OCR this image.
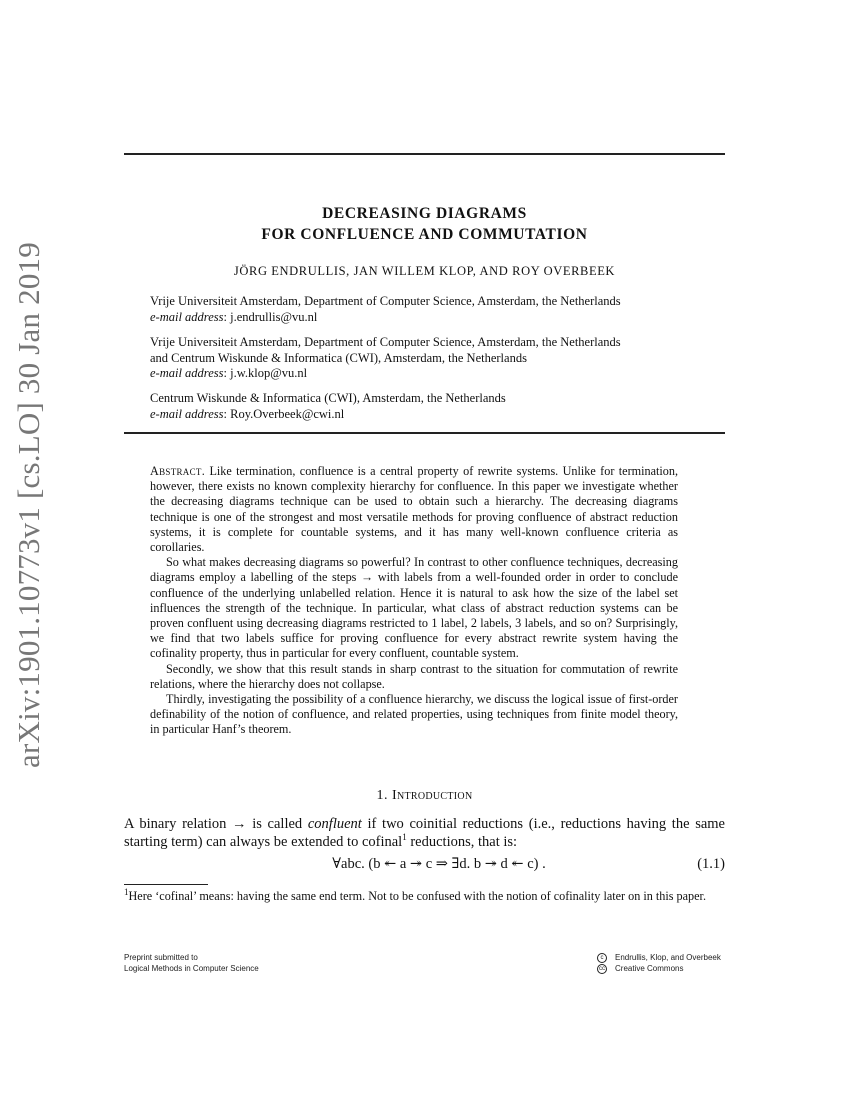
arXiv:1901.10773v1 [cs.LO] 30 Jan 2019
DECREASING DIAGRAMS
FOR CONFLUENCE AND COMMUTATION
JÖRG ENDRULLIS, JAN WILLEM KLOP, AND ROY OVERBEEK
Vrije Universiteit Amsterdam, Department of Computer Science, Amsterdam, the Netherlands
e-mail address: j.endrullis@vu.nl
Vrije Universiteit Amsterdam, Department of Computer Science, Amsterdam, the Netherlands
and Centrum Wiskunde & Informatica (CWI), Amsterdam, the Netherlands
e-mail address: j.w.klop@vu.nl
Centrum Wiskunde & Informatica (CWI), Amsterdam, the Netherlands
e-mail address: Roy.Overbeek@cwi.nl

Abstract. Like termination, confluence is a central property of rewrite systems. Unlike for termination, however, there exists no known complexity hierarchy for confluence. In this paper we investigate whether the decreasing diagrams technique can be used to obtain such a hierarchy. The decreasing diagrams technique is one of the strongest and most versatile methods for proving confluence of abstract reduction systems, it is complete for countable systems, and it has many well-known confluence criteria as corollaries.

So what makes decreasing diagrams so powerful? In contrast to other confluence techniques, decreasing diagrams employ a labelling of the steps → with labels from a well-founded order in order to conclude confluence of the underlying unlabelled relation. Hence it is natural to ask how the size of the label set influences the strength of the technique. In particular, what class of abstract reduction systems can be proven confluent using decreasing diagrams restricted to 1 label, 2 labels, 3 labels, and so on? Surprisingly, we find that two labels suffice for proving confluence for every abstract rewrite system having the cofinality property, thus in particular for every confluent, countable system.

Secondly, we show that this result stands in sharp contrast to the situation for commutation of rewrite relations, where the hierarchy does not collapse.

Thirdly, investigating the possibility of a confluence hierarchy, we discuss the logical issue of first-order definability of the notion of confluence, and related properties, using techniques from finite model theory, in particular Hanf’s theorem.

1. Introduction
A binary relation → is called confluent if two coinitial reductions (i.e., reductions having the same starting term) can always be extended to cofinal$^1$ reductions, that is:
∀abc. (b ↞ a ↠ c ⇒ ∃d. b ↠ d ↞ c) .	(1.1)
$^1$Here ‘cofinal’ means: having the same end term. Not to be confused with the notion of cofinality later on in this paper.
Preprint submitted to
Logical Methods in Computer Science
c	Endrullis, Klop, and Overbeek
cc Creative Commons
